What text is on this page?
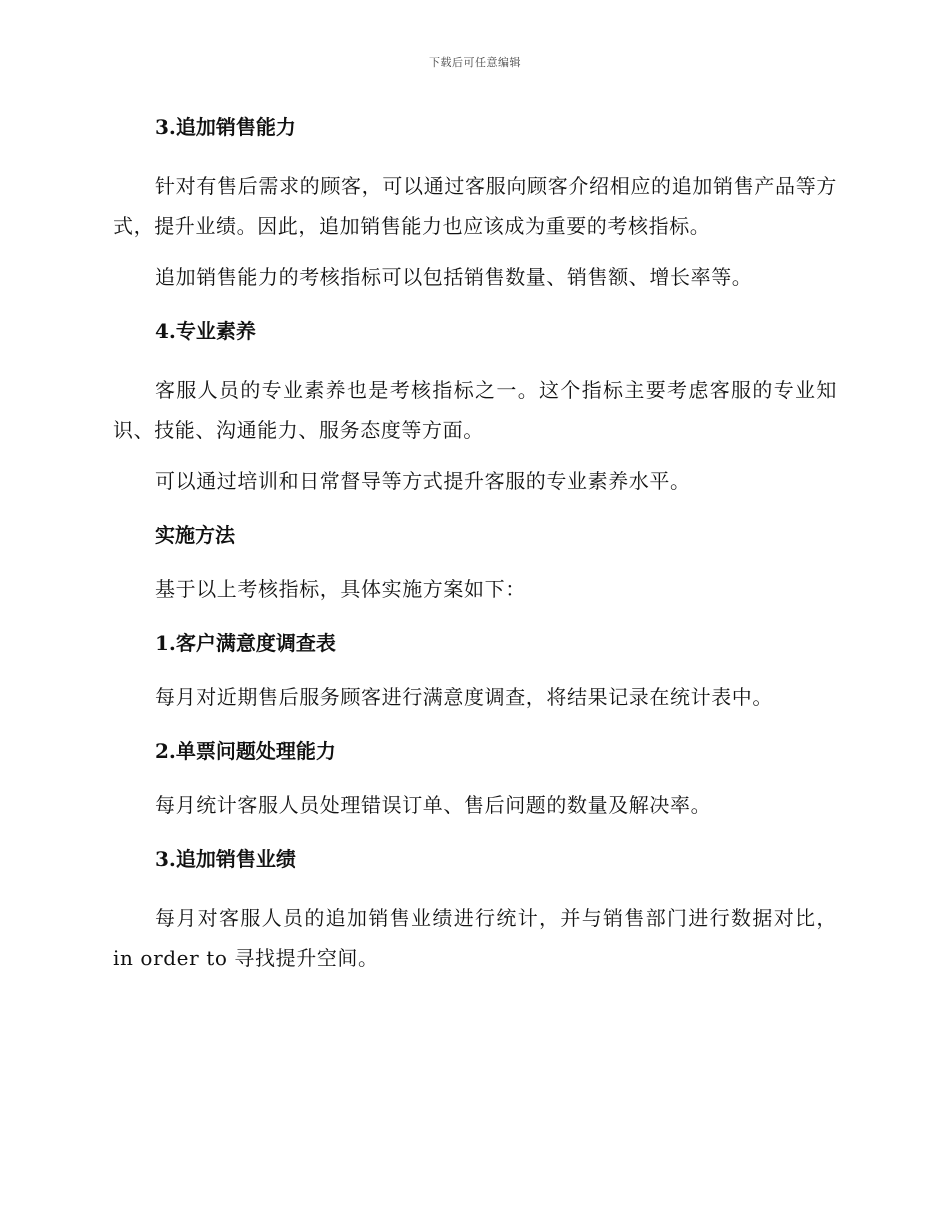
下载后可任意编辑
3.追加销售能力
针对有售后需求的顾客，可以通过客服向顾客介绍相应的追加销售产品等方式，提升业绩。因此，追加销售能力也应该成为重要的考核指标。
追加销售能力的考核指标可以包括销售数量、销售额、增长率等。
4.专业素养
客服人员的专业素养也是考核指标之一。这个指标主要考虑客服的专业知识、技能、沟通能力、服务态度等方面。
可以通过培训和日常督导等方式提升客服的专业素养水平。
实施方法
基于以上考核指标，具体实施方案如下：
1.客户满意度调查表
每月对近期售后服务顾客进行满意度调查，将结果记录在统计表中。
2.单票问题处理能力
每月统计客服人员处理错误订单、售后问题的数量及解决率。
3.追加销售业绩
每月对客服人员的追加销售业绩进行统计，并与销售部门进行数据对比， in order to 寻找提升空间。
